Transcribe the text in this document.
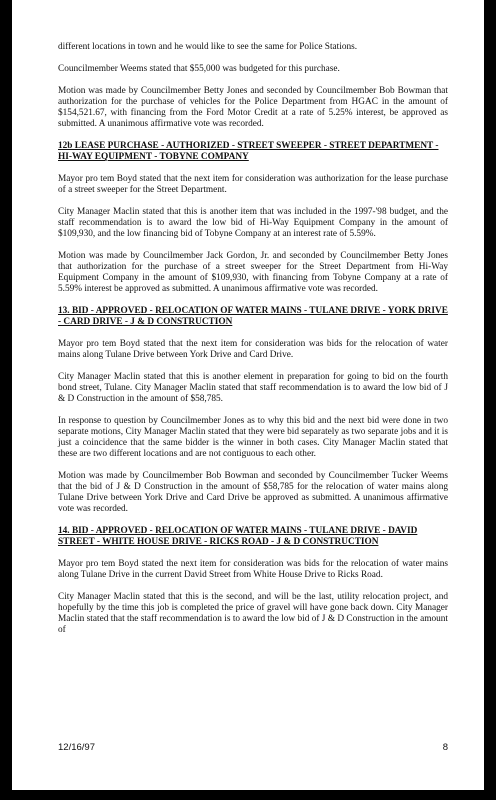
different locations in town and he would like to see the same for Police Stations.

Councilmember Weems stated that $55,000 was budgeted for this purchase.

Motion was made by Councilmember Betty Jones and seconded by Councilmember Bob Bowman that authorization for the purchase of vehicles for the Police Department from HGAC in the amount of $154,521.67, with financing from the Ford Motor Credit at a rate of 5.25% interest, be approved as submitted. A unanimous affirmative vote was recorded.

12b LEASE PURCHASE - AUTHORIZED - STREET SWEEPER - STREET DEPARTMENT - HI-WAY EQUIPMENT - TOBYNE COMPANY

Mayor pro tem Boyd stated that the next item for consideration was authorization for the lease purchase of a street sweeper for the Street Department.

City Manager Maclin stated that this is another item that was included in the 1997-'98 budget, and the staff recommendation is to award the low bid of Hi-Way Equipment Company in the amount of $109,930, and the low financing bid of Tobyne Company at an interest rate of 5.59%.

Motion was made by Councilmember Jack Gordon, Jr. and seconded by Councilmember Betty Jones that authorization for the purchase of a street sweeper for the Street Department from Hi-Way Equipment Company in the amount of $109,930, with financing from Tobyne Company at a rate of 5.59% interest be approved as submitted. A unanimous affirmative vote was recorded.

13. BID - APPROVED - RELOCATION OF WATER MAINS - TULANE DRIVE - YORK DRIVE - CARD DRIVE - J & D CONSTRUCTION

Mayor pro tem Boyd stated that the next item for consideration was bids for the relocation of water mains along Tulane Drive between York Drive and Card Drive.

City Manager Maclin stated that this is another element in preparation for going to bid on the fourth bond street, Tulane. City Manager Maclin stated that staff recommendation is to award the low bid of J & D Construction in the amount of $58,785.

In response to question by Councilmember Jones as to why this bid and the next bid were done in two separate motions, City Manager Maclin stated that they were bid separately as two separate jobs and it is just a coincidence that the same bidder is the winner in both cases. City Manager Maclin stated that these are two different locations and are not contiguous to each other.

Motion was made by Councilmember Bob Bowman and seconded by Councilmember Tucker Weems that the bid of J & D Construction in the amount of $58,785 for the relocation of water mains along Tulane Drive between York Drive and Card Drive be approved as submitted. A unanimous affirmative vote was recorded.

14. BID - APPROVED - RELOCATION OF WATER MAINS - TULANE DRIVE - DAVID STREET - WHITE HOUSE DRIVE - RICKS ROAD - J & D CONSTRUCTION

Mayor pro tem Boyd stated the next item for consideration was bids for the relocation of water mains along Tulane Drive in the current David Street from White House Drive to Ricks Road.

City Manager Maclin stated that this is the second, and will be the last, utility relocation project, and hopefully by the time this job is completed the price of gravel will have gone back down. City Manager Maclin stated that the staff recommendation is to award the low bid of J & D Construction in the amount of

12/16/97	8
